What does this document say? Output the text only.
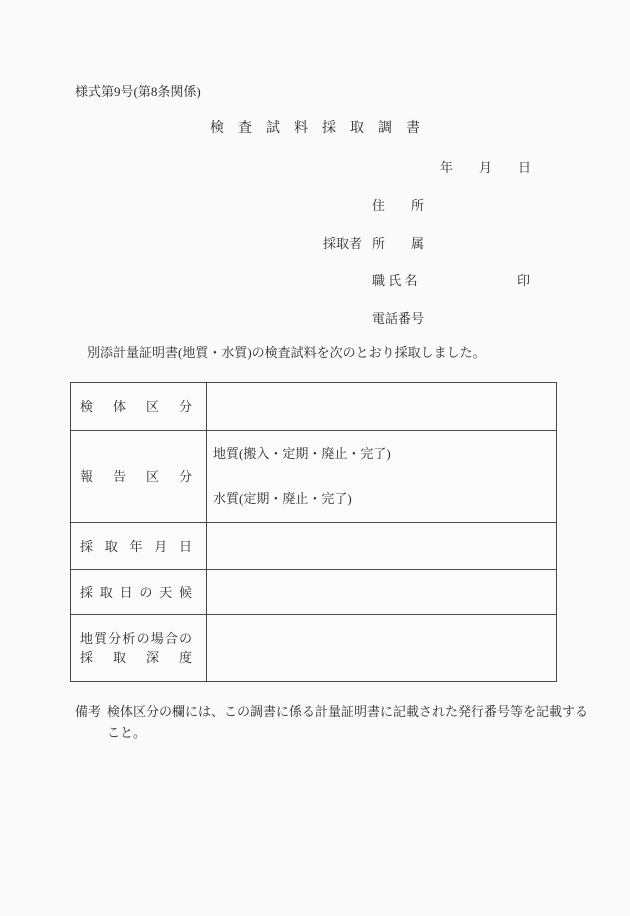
様式第9号(第8条関係)
検　査　試　料　採　取　調　書
年　　月　　日
採取者
住　　所
所　　属
職 氏 名	印
電話番号
別添計量証明書(地質・水質)の検査試料を次のとおり採取しました。
検 体 区 分
報 告 区 分
地質(搬入・定期・廃止・完了)
水質(定期・廃止・完了)
採 取 年 月 日
採 取 日 の 天 候
地質分析の場合の
採 取 深 度
備考 検体区分の欄には、この調書に係る計量証明書に記載された発行番号等を記載する
こと。
